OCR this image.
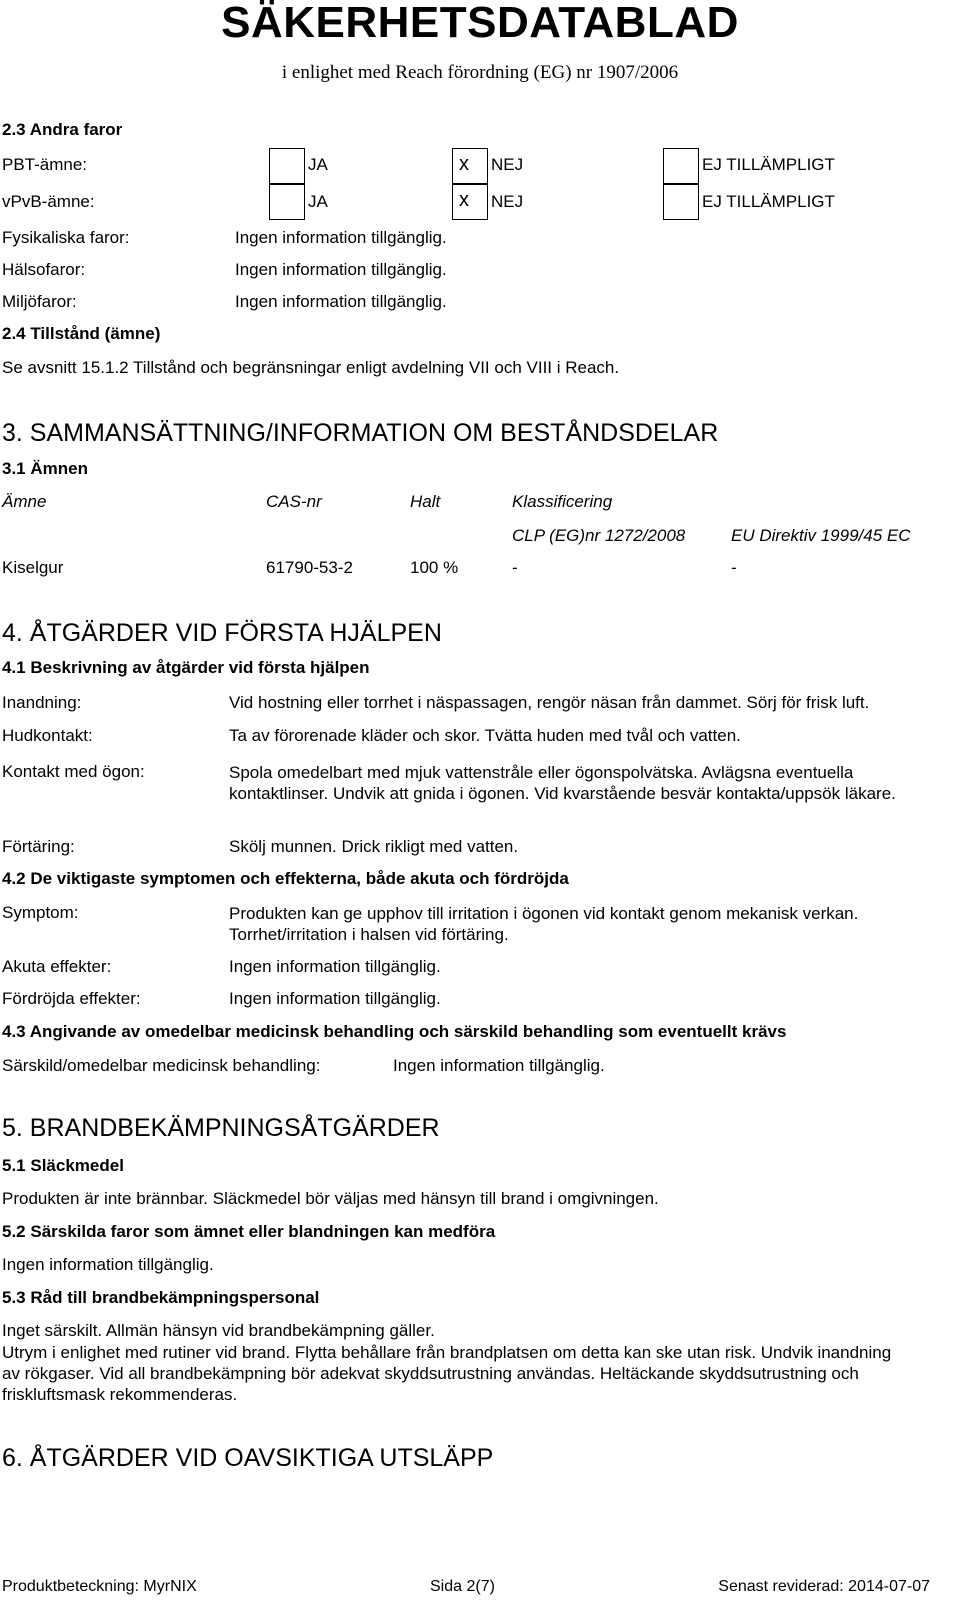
SÄKERHETSDATABLAD
i enlighet med Reach förordning (EG) nr 1907/2006
2.3 Andra faror
PBT-ämne:	JA	x NEJ	EJ TILLÄMPLIGT
vPvB-ämne:	JA	x NEJ	EJ TILLÄMPLIGT
Fysikaliska faror:	Ingen information tillgänglig.
Hälsofaror:	Ingen information tillgänglig.
Miljöfaror:	Ingen information tillgänglig.
2.4 Tillstånd (ämne)
Se avsnitt 15.1.2 Tillstånd och begränsningar enligt avdelning VII och VIII i Reach.
3. SAMMANSÄTTNING/INFORMATION OM BESTÅNDSDELAR
3.1 Ämnen
Ämne	CAS-nr	Halt	Klassificering
CLP (EG)nr 1272/2008	EU Direktiv 1999/45 EC
Kiselgur	61790-53-2	100 %	-	-
4. ÅTGÄRDER VID FÖRSTA HJÄLPEN
4.1 Beskrivning av åtgärder vid första hjälpen
Inandning:	Vid hostning eller torrhet i näspassagen, rengör näsan från dammet. Sörj för frisk luft.
Hudkontakt:	Ta av förorenade kläder och skor. Tvätta huden med tvål och vatten.
Kontakt med ögon:	Spola omedelbart med mjuk vattenstråle eller ögonspolvätska. Avlägsna eventuella kontaktlinser. Undvik att gnida i ögonen. Vid kvarstående besvär kontakta/uppsök läkare.
Förtäring:	Skölj munnen. Drick rikligt med vatten.
4.2 De viktigaste symptomen och effekterna, både akuta och fördröjda
Symptom:	Produkten kan ge upphov till irritation i ögonen vid kontakt genom mekanisk verkan. Torrhet/irritation i halsen vid förtäring.
Akuta effekter:	Ingen information tillgänglig.
Fördröjda effekter:	Ingen information tillgänglig.
4.3 Angivande av omedelbar medicinsk behandling och särskild behandling som eventuellt krävs
Särskild/omedelbar medicinsk behandling:	Ingen information tillgänglig.
5. BRANDBEKÄMPNINGSÅTGÄRDER
5.1 Släckmedel
Produkten är inte brännbar. Släckmedel bör väljas med hänsyn till brand i omgivningen.
5.2 Särskilda faror som ämnet eller blandningen kan medföra
Ingen information tillgänglig.
5.3 Råd till brandbekämpningspersonal
Inget särskilt. Allmän hänsyn vid brandbekämpning gäller.
Utrym i enlighet med rutiner vid brand. Flytta behållare från brandplatsen om detta kan ske utan risk. Undvik inandning av rökgaser. Vid all brandbekämpning bör adekvat skyddsutrustning användas. Heltäckande skyddsutrustning och friskluftsmask rekommenderas.
6. ÅTGÄRDER VID OAVSIKTIGA UTSLÄPP
Produktbeteckning: MyrNIX	Sida 2(7)	Senast reviderad: 2014-07-07
